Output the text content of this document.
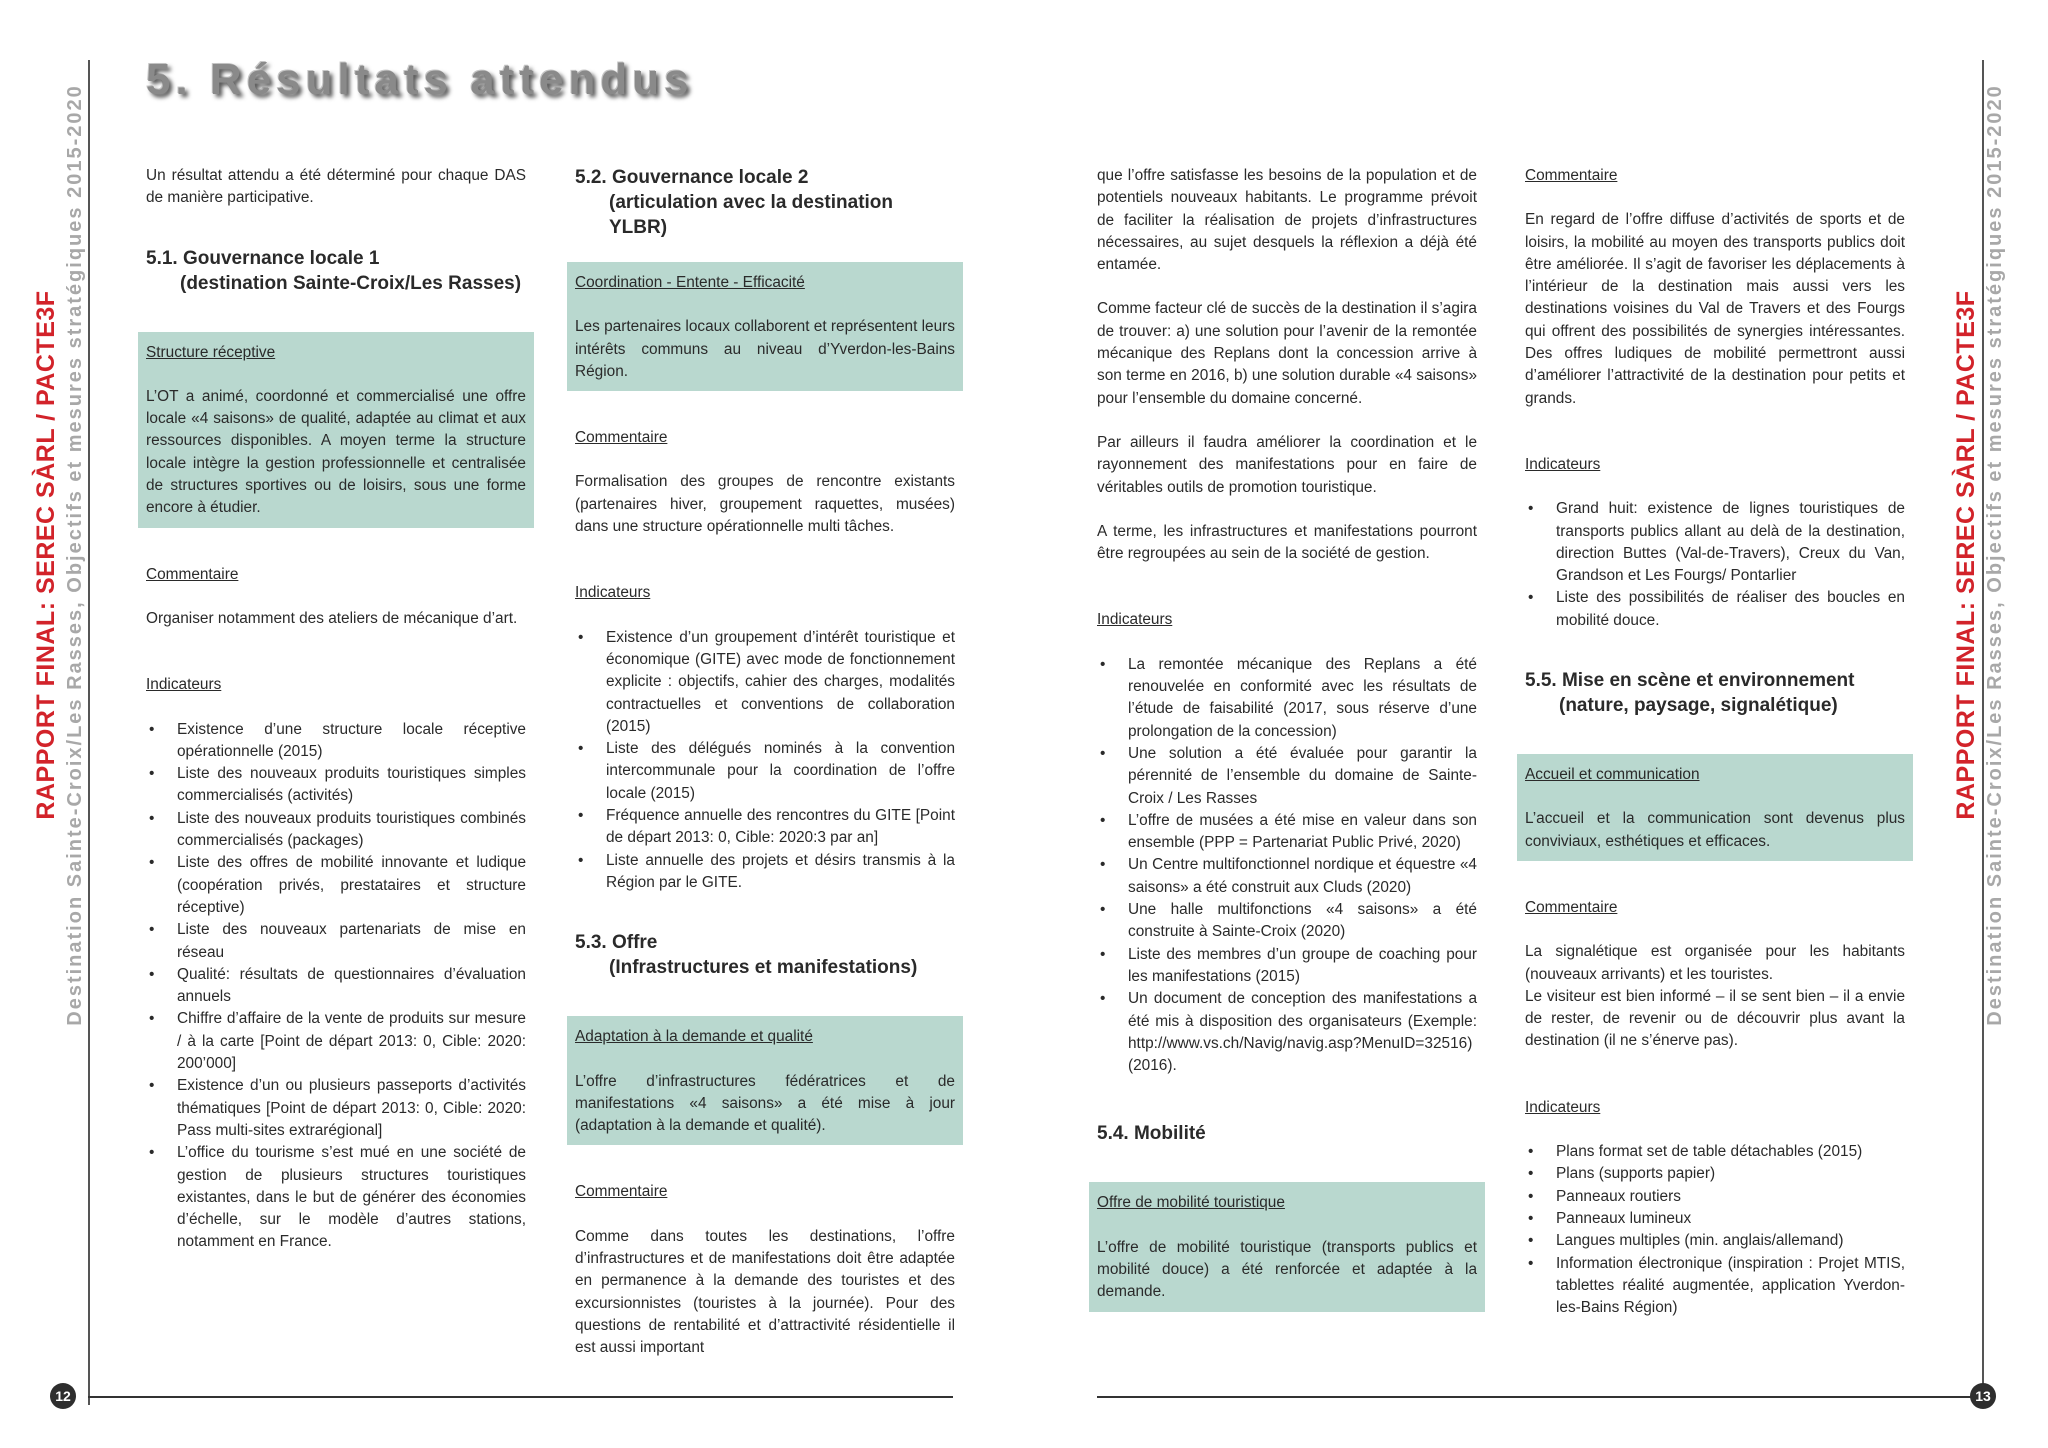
RAPPORT FINAL: SEREC SÀRL / PACTE3F Destination Sainte-Croix/Les Rasses, Objectifs et mesures stratégiques 2015-2020	RAPPORT FINAL: SEREC SÀRL / PACTE3F Destination Sainte-Croix/Les Rasses, Objectifs et mesures stratégiques 2015-2020
12	13
5. Résultats attendus

Un résultat attendu a été déterminé pour chaque DAS de manière participative.

5.1. Gouvernance locale 1
(destination Sainte-Croix/Les Rasses)

Structure réceptive

L’OT a animé, coordonné et commercialisé une offre locale «4 saisons» de qualité, adaptée au climat et aux ressources disponibles. A moyen terme la structure locale intègre la gestion professionnelle et centralisée de structures sportives ou de loisirs, sous une forme encore à étudier.

Commentaire

Organiser notamment des ateliers de mécanique d’art.

Indicateurs

• Existence d’une structure locale réceptive opérationnelle (2015)
• Liste des nouveaux produits touristiques simples commercialisés (activités)
• Liste des nouveaux produits touristiques combinés commercialisés (packages)
• Liste des offres de mobilité innovante et ludique (coopération privés, prestataires et structure réceptive)
• Liste des nouveaux partenariats de mise en réseau
• Qualité: résultats de questionnaires d’évaluation annuels
• Chiffre d’affaire de la vente de produits sur mesure / à la carte [Point de départ 2013: 0, Cible: 2020: 200’000]
• Existence d’un ou plusieurs passeports d’activités thématiques [Point de départ 2013: 0, Cible: 2020: Pass multi-sites extrarégional]
• L’office du tourisme s’est mué en une société de gestion de plusieurs structures touristiques existantes, dans le but de générer des économies d’échelle, sur le modèle d’autres stations, notamment en France.
5.2. Gouvernance locale 2
(articulation avec la destination YLBR)

Coordination - Entente - Efficacité

Les partenaires locaux collaborent et représentent leurs intérêts communs au niveau d’Yverdon-les-Bains Région.

Commentaire

Formalisation des groupes de rencontre existants (partenaires hiver, groupement raquettes, musées) dans une structure opérationnelle multi tâches.

Indicateurs

• Existence d’un groupement d’intérêt touristique et économique (GITE) avec mode de fonctionnement explicite : objectifs, cahier des charges, modalités contractuelles et conventions de collaboration (2015)
• Liste des délégués nominés à la convention intercommunale pour la coordination de l’offre locale (2015)
• Fréquence annuelle des rencontres du GITE [Point de départ 2013: 0, Cible: 2020:3 par an]
• Liste annuelle des projets et désirs transmis à la Région par le GITE.
5.3. Offre
(Infrastructures et manifestations)

Adaptation à la demande et qualité

L’offre d’infrastructures fédératrices et de manifestations «4 saisons» a été mise à jour (adaptation à la demande et qualité).

Commentaire

Comme dans toutes les destinations, l’offre d’infrastructures et de manifestations doit être adaptée en permanence à la demande des touristes et des excursionnistes (touristes à la journée). Pour des questions de rentabilité et d’attractivité résidentielle il est aussi important

que l’offre satisfasse les besoins de la population et de potentiels nouveaux habitants. Le programme prévoit de faciliter la réalisation de projets d’infrastructures nécessaires, au sujet desquels la réflexion a déjà été entamée.

Comme facteur clé de succès de la destination il s’agira de trouver: a) une solution pour l’avenir de la remontée mécanique des Replans dont la concession arrive à son terme en 2016, b) une solution durable «4 saisons» pour l’ensemble du domaine concerné.

Par ailleurs il faudra améliorer la coordination et le rayonnement des manifestations pour en faire de véritables outils de promotion touristique.

A terme, les infrastructures et manifestations pourront être regroupées au sein de la société de gestion.

Indicateurs

• La remontée mécanique des Replans a été renouvelée en conformité avec les résultats de l’étude de faisabilité (2017, sous réserve d’une prolongation de la concession)
• Une solution a été évaluée pour garantir la pérennité de l’ensemble du domaine de Sainte-Croix / Les Rasses
• L’offre de musées a été mise en valeur dans son ensemble (PPP = Partenariat Public Privé, 2020)
• Un Centre multifonctionnel nordique et équestre «4 saisons» a été construit aux Cluds (2020)
• Une halle multifonctions «4 saisons» a été construite à Sainte-Croix (2020)
• Liste des membres d’un groupe de coaching pour les manifestations (2015)
• Un document de conception des manifestations a été mis à disposition des organisateurs (Exemple: http://www.vs.ch/Navig/navig.asp?MenuID=32516) (2016).
5.4. Mobilité

Offre de mobilité touristique

L’offre de mobilité touristique (transports publics et mobilité douce) a été renforcée et adaptée à la demande.

Commentaire

En regard de l’offre diffuse d’activités de sports et de loisirs, la mobilité au moyen des transports publics doit être améliorée. Il s’agit de favoriser les déplacements à l’intérieur de la destination mais aussi vers les destinations voisines du Val de Travers et des Fourgs qui offrent des possibilités de synergies intéressantes. Des offres ludiques de mobilité permettront aussi d’améliorer l’attractivité de la destination pour petits et grands.

Indicateurs

• Grand huit: existence de lignes touristiques de transports publics allant au delà de la destination, direction Buttes (Val-de-Travers), Creux du Van, Grandson et Les Fourgs/ Pontarlier
• Liste des possibilités de réaliser des boucles en mobilité douce.
5.5. Mise en scène et environnement
(nature, paysage, signalétique)

Accueil et communication

L’accueil et la communication sont devenus plus conviviaux, esthétiques et efficaces.

Commentaire

La signalétique est organisée pour les habitants (nouveaux arrivants) et les touristes.

Le visiteur est bien informé – il se sent bien – il a envie de rester, de revenir ou de découvrir plus avant la destination (il ne s’énerve pas).

Indicateurs

• Plans format set de table détachables (2015)
• Plans (supports papier)
• Panneaux routiers
• Panneaux lumineux
• Langues multiples (min. anglais/allemand)
• Information électronique (inspiration : Projet MTIS, tablettes réalité augmentée, application Yverdon-les-Bains Région)
